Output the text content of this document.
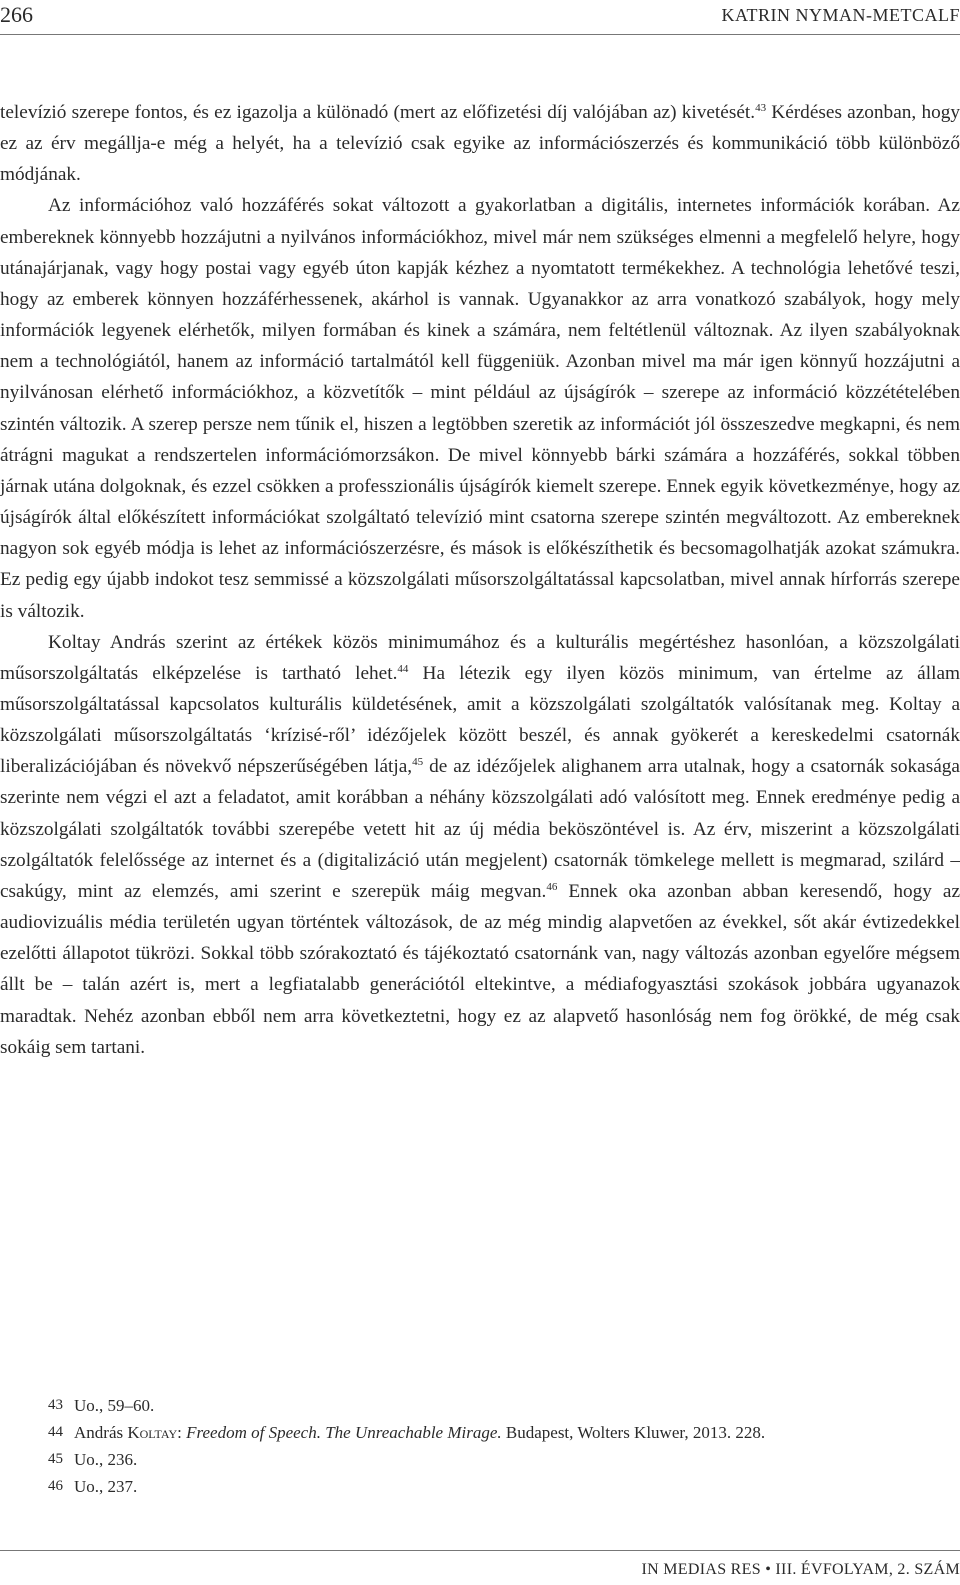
266	KATRIN NYMAN-METCALF

televízió szerepe fontos, és ez igazolja a különadó (mert az előfizetési díj valójában az) kivetését.$^{43}$ Kérdéses azonban, hogy ez az érv megállja-e még a helyét, ha a televízió csak egyike az információszerzés és kommunikáció több különböző módjának.

Az információhoz való hozzáférés sokat változott a gyakorlatban a digitális, internetes információk korában. Az embereknek könnyebb hozzájutni a nyilvános információkhoz, mivel már nem szükséges elmenni a megfelelő helyre, hogy utánajárjanak, vagy hogy postai vagy egyéb úton kapják kézhez a nyomtatott termékekhez. A technológia lehetővé teszi, hogy az emberek könnyen hozzáférhessenek, akárhol is vannak. Ugyanakkor az arra vonatkozó szabályok, hogy mely információk legyenek elérhetők, milyen formában és kinek a számára, nem feltétlenül változnak. Az ilyen szabályoknak nem a technológiától, hanem az információ tartalmától kell függeniük. Azonban mivel ma már igen könnyű hozzájutni a nyilvánosan elérhető információkhoz, a közvetítők – mint például az újságírók – szerepe az információ közzétételében szintén változik. A szerep persze nem tűnik el, hiszen a legtöbben szeretik az információt jól összeszedve megkapni, és nem átrágni magukat a rendszertelen információmorzsákon. De mivel könnyebb bárki számára a hozzáférés, sokkal többen járnak utána dolgoknak, és ezzel csökken a professzionális újságírók kiemelt szerepe. Ennek egyik következménye, hogy az újságírók által előkészített információkat szolgáltató televízió mint csatorna szerepe szintén megváltozott. Az embereknek nagyon sok egyéb módja is lehet az információszerzésre, és mások is előkészíthetik és becsomagolhatják azokat számukra. Ez pedig egy újabb indokot tesz semmissé a közszolgálati műsorszolgáltatással kapcsolatban, mivel annak hírforrás szerepe is változik.

Koltay András szerint az értékek közös minimumához és a kulturális megértéshez hasonlóan, a közszolgálati műsorszolgáltatás elképzelése is tartható lehet.$^{44}$ Ha létezik egy ilyen közös minimum, van értelme az állam műsorszolgáltatással kapcsolatos kulturális küldetésének, amit a közszolgálati szolgáltatók valósítanak meg. Koltay a közszolgálati műsorszolgáltatás ‘krízisé-ről’ idézőjelek között beszél, és annak gyökerét a kereskedelmi csatornák liberalizációjában és növekvő népszerűségében látja,$^{45}$ de az idézőjelek alighanem arra utalnak, hogy a csatornák sokasága szerinte nem végzi el azt a feladatot, amit korábban a néhány közszolgálati adó valósított meg. Ennek eredménye pedig a közszolgálati szolgáltatók további szerepébe vetett hit az új média beköszöntével is. Az érv, miszerint a közszolgálati szolgáltatók felelőssége az internet és a (digitalizáció után megjelent) csatornák tömkelege mellett is megmarad, szilárd – csakúgy, mint az elemzés, ami szerint e szerepük máig megvan.$^{46}$ Ennek oka azonban abban keresendő, hogy az audiovizuális média területén ugyan történtek változások, de az még mindig alapvetően az évekkel, sőt akár évtizedekkel ezelőtti állapotot tükrözi. Sokkal több szórakoztató és tájékoztató csatornánk van, nagy változás azonban egyelőre mégsem állt be – talán azért is, mert a legfiatalabb generációtól eltekintve, a médiafogyasztási szokások jobbára ugyanazok maradtak. Nehéz azonban ebből nem arra következtetni, hogy ez az alapvető hasonlóság nem fog örökké, de még csak sokáig sem tartani.

43 Uo., 59–60.
44 András Koltay: Freedom of Speech. The Unreachable Mirage. Budapest, Wolters Kluwer, 2013. 228.
45 Uo., 236.
46 Uo., 237.
IN MEDIAS RES • III. ÉVFOLYAM, 2. SZÁM
